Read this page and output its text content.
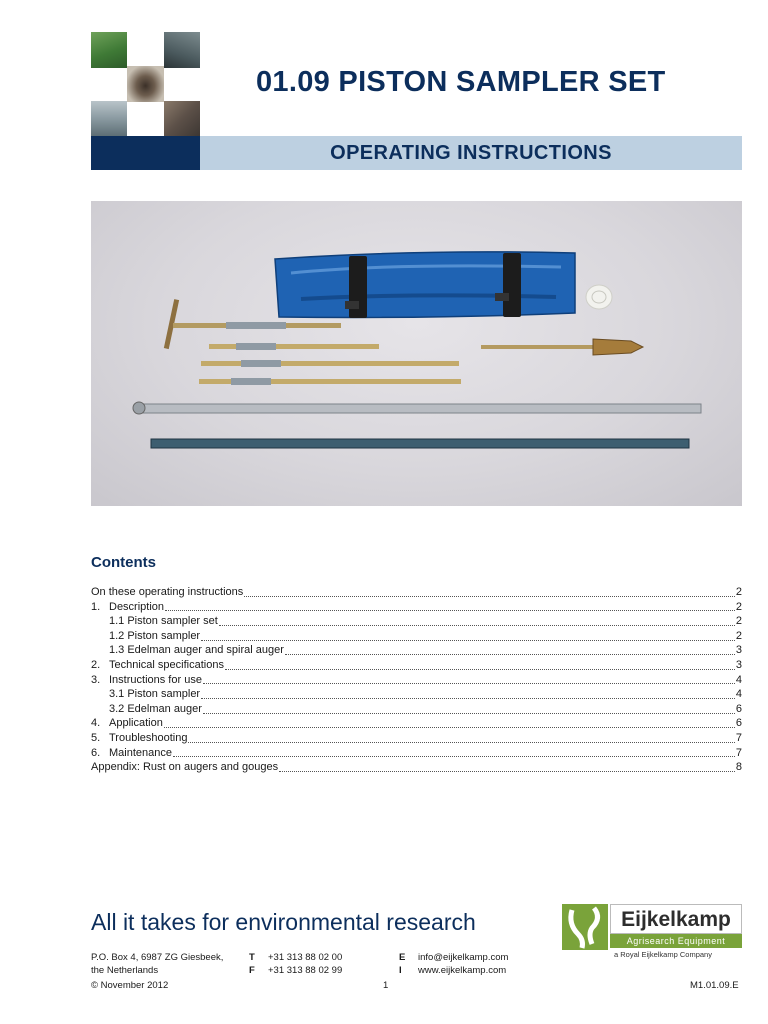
01.09 PISTON SAMPLER SET
OPERATING INSTRUCTIONS
Contents
On these operating instructions	2
1. Description	2
1.1 Piston sampler set	2
1.2 Piston sampler	2
1.3 Edelman auger and spiral auger	3
2. Technical specifications	3
3. Instructions for use	4
3.1 Piston sampler	4
3.2 Edelman auger	6
4. Application	6
5. Troubleshooting	7
6. Maintenance	7
Appendix: Rust on augers and gouges	8
All it takes for environmental research
P.O. Box 4, 6987 ZG Giesbeek,
the Netherlands
T +31 313 88 02 00
F +31 313 88 02 99
E info@eijkelkamp.com
I www.eijkelkamp.com
© November 2012	1	M1.01.09.E
Eijkelkamp
Agrisearch Equipment
a Royal Eijkelkamp Company
